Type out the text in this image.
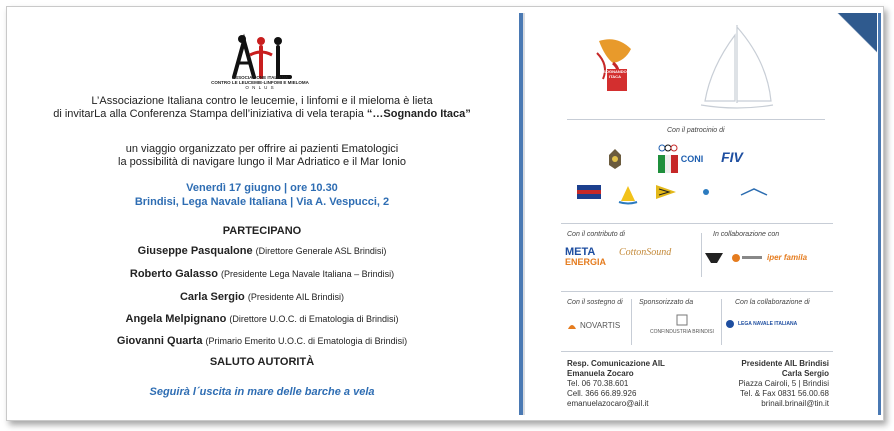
ASSOCIAZIONE ITALIANA
CONTRO LE LEUCEMIE-LINFOMI E MIELOMA
O N L U S
L’Associazione Italiana contro le leucemie, i linfomi e il mieloma è lieta
di invitarLa alla Conferenza Stampa dell’iniziativa di vela terapia “…Sognando Itaca”
un viaggio organizzato per offrire ai pazienti Ematologici
la possibilità di navigare lungo il Mar Adriatico e il Mar Ionio
Venerdì 17 giugno | ore 10.30
Brindisi, Lega Navale Italiana | Via A. Vespucci, 2
PARTECIPANO
Giuseppe Pasqualone (Direttore Generale ASL Brindisi)
Roberto Galasso (Presidente Lega Navale Italiana – Brindisi)
Carla Sergio (Presidente AIL Brindisi)
Angela Melpignano (Direttore U.O.C. di Ematologia di Brindisi)
Giovanni Quarta (Primario Emerito U.O.C. di Ematologia di Brindisi)
SALUTO AUTORITÀ
Seguirà l´uscita in mare delle barche a vela
SOGNANDO ITACA
Con il patrocinio di
CONI	FIV
Con il contributo di	In collaborazione con
META
ENERGIA
CottonSound	iper famila
Con il sostegno di Sponsorizzato da	Con la collaborazione di
NOVARTIS
CONFINDUSTRIA BRINDISI
LEGA NAVALE ITALIANA
Resp. Comunicazione AIL
Emanuela Zocaro
Tel. 06 70.38.601
Cell. 366 66.89.926
emanuelazocaro@ail.it
Presidente AIL Brindisi
Carla Sergio
Piazza Cairoli, 5 | Brindisi
Tel. & Fax 0831 56.00.68
brinail.brinail@tin.it
